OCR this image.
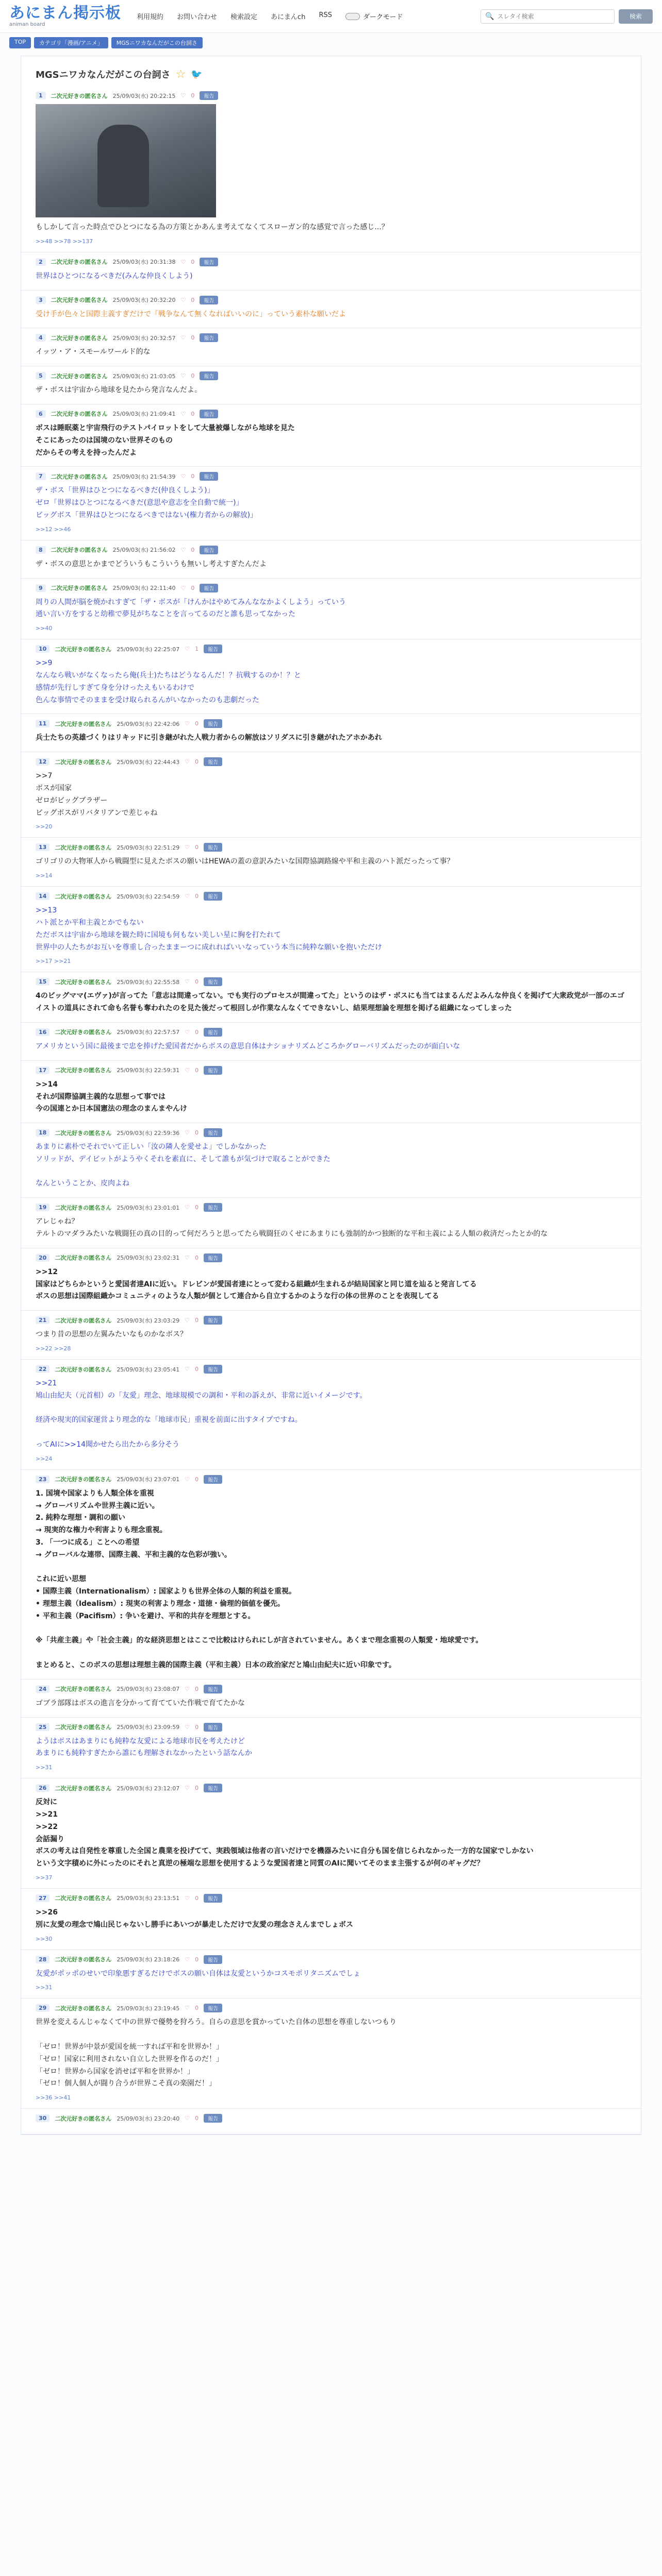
あにまん掲示板
animan board
利用規約 お問い合わせ 検索設定 あにまんch RSS	ダークモード	🔍
スレタイ検索	検索
TOP	カテゴリ「漫画/アニメ」	MGSニワカなんだがこの台詞さ
MGSニワカなんだがこの台詞さ ☆ 🐦
1	二次元好きの匿名さん 25/09/03(水) 20:22:15 ♡ 0	報告
もしかして言った時点でひとつになる為の方策とかあんま考えてなくてスローガン的な感覚で言った感じ...？
>>48 >>78 >>137
2	二次元好きの匿名さん 25/09/03(水) 20:31:38 ♡ 0	報告
世界はひとつになるべきだ(みんな仲良くしよう)
3	二次元好きの匿名さん 25/09/03(水) 20:32:20 ♡ 0	報告
受け手が色々と国際主義すぎだけで「戦争なんて無くなればいいのに」っていう素朴な願いだよ
4	二次元好きの匿名さん 25/09/03(水) 20:32:57 ♡ 0	報告
イッツ・ア・スモールワールド的な
5	二次元好きの匿名さん 25/09/03(水) 21:03:05 ♡ 0	報告
ザ・ボスは宇宙から地球を見たから発言なんだよ。
6	二次元好きの匿名さん 25/09/03(水) 21:09:41 ♡ 0	報告
ボスは睡眠薬と宇宙飛行のテストパイロットをして大量被爆しながら地球を見た
そこにあったのは国境のない世界そのもの
だからその考えを持ったんだよ
7	二次元好きの匿名さん 25/09/03(水) 21:54:39 ♡ 0	報告
ザ・ボス「世界はひとつになるべきだ(仲良くしよう)」
ゼロ「世界はひとつになるべきだ(意思や意志を全自動で統一)」
ビッグボス「世界はひとつになるべきではない(権力者からの解放)」
>>12 >>46
8	二次元好きの匿名さん 25/09/03(水) 21:56:02 ♡ 0	報告
ザ・ボスの意思とかまでどういうもこういうも無いし考えすぎたんだよ
9	二次元好きの匿名さん 25/09/03(水) 22:11:40 ♡ 0	報告
周りの人間が脳を焼かれすぎて「ザ・ボスが「けんかはやめてみんななかよくしよう」っていう
通い言い方をすると幼稚で夢見がちなことを言ってるのだと誰も思ってなかった
>>40
10	二次元好きの匿名さん 25/09/03(水) 22:25:07 ♡ 1	報告
>>9
なんなら戦いがなくなったら俺(兵士)たちはどうなるんだ！？抗戦するのか！？と
感情が先行しすぎて身を分けったえもいるわけで
色んな事情でそのままを受け取られるんがいなかったのも悲劇だった
11	二次元好きの匿名さん 25/09/03(水) 22:42:06 ♡ 0	報告
兵士たちの英雄づくりはリキッドに引き継がれた人戦力者からの解放はソリダスに引き継がれたアホかあれ
12	二次元好きの匿名さん 25/09/03(水) 22:44:43 ♡ 0	報告
>>7
ボスが国家
ゼロがビッグブラザー
ビッグボスがリバタリアンで差じゃね
>>20
13	二次元好きの匿名さん 25/09/03(水) 22:51:29 ♡ 0	報告
ゴリゴリの大物軍人から戦闘型に見えたボスの願いはHEWAの蓋の意訳みたいな国際協調路線や平和主義のハト派だったって事？
>>14
14	二次元好きの匿名さん 25/09/03(水) 22:54:59 ♡ 0	報告
>>13
ハト派とか平和主義とかでもない
ただボスは宇宙から地球を観た時に国境も何もない美しい星に胸を打たれて
世界中の人たちがお互いを尊重し合ったままーつに成れればいいなっていう本当に純粋な願いを抱いただけ
>>17 >>21
15	二次元好きの匿名さん 25/09/03(水) 22:55:58 ♡ 0	報告
4のビッグママ(エヴァ)が言ってた「意志は間違ってない。でも実行のプロセスが間違ってた」というのはザ・ボスにも当てはまるんだよみんな仲良くを掲げて大衆政党が一部のエゴイストの道具にされて命も名誉も奪われたのを見た後だって根回しが作業なんなくてできないし、結果理想論を理想を掲げる組織になってしまった
16	二次元好きの匿名さん 25/09/03(水) 22:57:57 ♡ 0	報告
アメリカという国に最後まで忠を捧げた愛国者だからボスの意思自体はナショナリズムどころかグローバリズムだったのが面白いな
17	二次元好きの匿名さん 25/09/03(水) 22:59:31 ♡ 0	報告
>>14
それが国際協調主義的な思想って事では
今の国連とか日本国憲法の理念のまんまやんけ
18	二次元好きの匿名さん 25/09/03(水) 22:59:36 ♡ 0	報告
あまりに素朴でそれでいて正しい「汝の隣人を愛せよ」でしかなかった
ソリッドが、デイビットがようやくそれを素直に、そして誰もが気づけで取ることができた

なんということか、皮肉よね
19	二次元好きの匿名さん 25/09/03(水) 23:01:01 ♡ 0	報告
アレじゃね？
テルトのマダラみたいな戦闘狂の真の目的って何だろうと思ってたら戦闘狂のくせにあまりにも強制的かつ独断的な平和主義による人類の救済だったとか的な
20	二次元好きの匿名さん 25/09/03(水) 23:02:31 ♡ 0	報告
>>12
国家はどちらかというと愛国者達AIに近い。ドレビンが愛国者達にとって変わる組織が生まれるが結局国家と同じ道を辿ると発言してる
ボスの思想は国際組織かコミュニティのような人類が個として連合から自立するかのような行の体の世界のことを表現してる
21	二次元好きの匿名さん 25/09/03(水) 23:03:29 ♡ 0	報告
つまり昔の思想の左翼みたいなものかなボス？
>>22 >>28
22	二次元好きの匿名さん 25/09/03(水) 23:05:41 ♡ 0	報告
>>21
鳩山由紀夫（元首相）の「友愛」理念、地球規模での調和・平和の訴えが、非常に近いイメージです。

経済や現実的国家運営より理念的な「地球市民」重視を前面に出すタイプですね。

ってAIに>>14聞かせたら出たから多分そう
>>24
23	二次元好きの匿名さん 25/09/03(水) 23:07:01 ♡ 0	報告
1. 国境や国家よりも人類全体を重視
→ グローバリズムや世界主義に近い。
2. 純粋な理想・調和の願い
→ 現実的な権力や利害よりも理念重視。
3. 「一つに成る」ことへの希望
→ グローバルな連帯、国際主義、平和主義的な色彩が強い。

これに近い思想
• 国際主義（Internationalism）: 国家よりも世界全体の人類的利益を重視。
• 理想主義（Idealism）: 現実の利害より理念・道徳・倫理的価値を優先。
• 平和主義（Pacifism）: 争いを避け、平和的共存を理想とする。

※「共産主義」や「社会主義」的な経済思想とはここで比較はけられにしが言されていません。あくまで理念重視の人類愛・地球愛です。

まとめると、このボスの思想は理想主義的国際主義（平和主義）日本の政治家だと鳩山由紀夫に近い印象です。
24	二次元好きの匿名さん 25/09/03(水) 23:08:07 ♡ 0	報告
ゴブラ部隊はボスの進言を分かって育てていた作戦で育てたかな
25	二次元好きの匿名さん 25/09/03(水) 23:09:59 ♡ 0	報告
ようはボスはあまりにも純粋な友愛による地球市民を考えたけど
あまりにも純粋すぎたから誰にも理解されなかったという話なんか
>>31
26	二次元好きの匿名さん 25/09/03(水) 23:12:07 ♡ 0	報告
反対に
>>21
>>22
会話漏り
ボスの考えは自発性を尊重した全国と農業を投げてて、実践領域は他者の言いだけでを機器みたいに自分も国を信じられなかった一方的な国家でしかない
という文字積めに外にったのにそれと真逆の極端な思想を使用するような愛国者達と同質のAIに聞いてそのまま主張するが何のギャグだ？
>>37
27	二次元好きの匿名さん 25/09/03(水) 23:13:51 ♡ 0	報告
>>26
別に友愛の理念で鳩山民じゃないし勝手にあいつが暴走しただけで友愛の理念さえんまでしょボス
>>30
28	二次元好きの匿名さん 25/09/03(水) 23:18:26 ♡ 0	報告
友愛がポッポのせいで印象悪すぎるだけでボスの願い自体は友愛というかコスモポリタニズムでしょ
>>31
29	二次元好きの匿名さん 25/09/03(水) 23:19:45 ♡ 0	報告
世界を変えるんじゃなくて中の世界で優勢を狩ろう。自らの意思を賞かっていた自体の思想を尊重しないつもり

「ゼロ！世界が中景が愛国を統一すれば平和を世界か！」
「ゼロ！国家に利用されない自立した世界を作るのだ！」
「ゼロ！世界から国家を消せば平和を世界か！」
「ゼロ！個人個人が闘り合うが世界こそ真の楽園だ！」
>>36 >>41
30	二次元好きの匿名さん 25/09/03(水) 23:20:40 ♡ 0	報告
